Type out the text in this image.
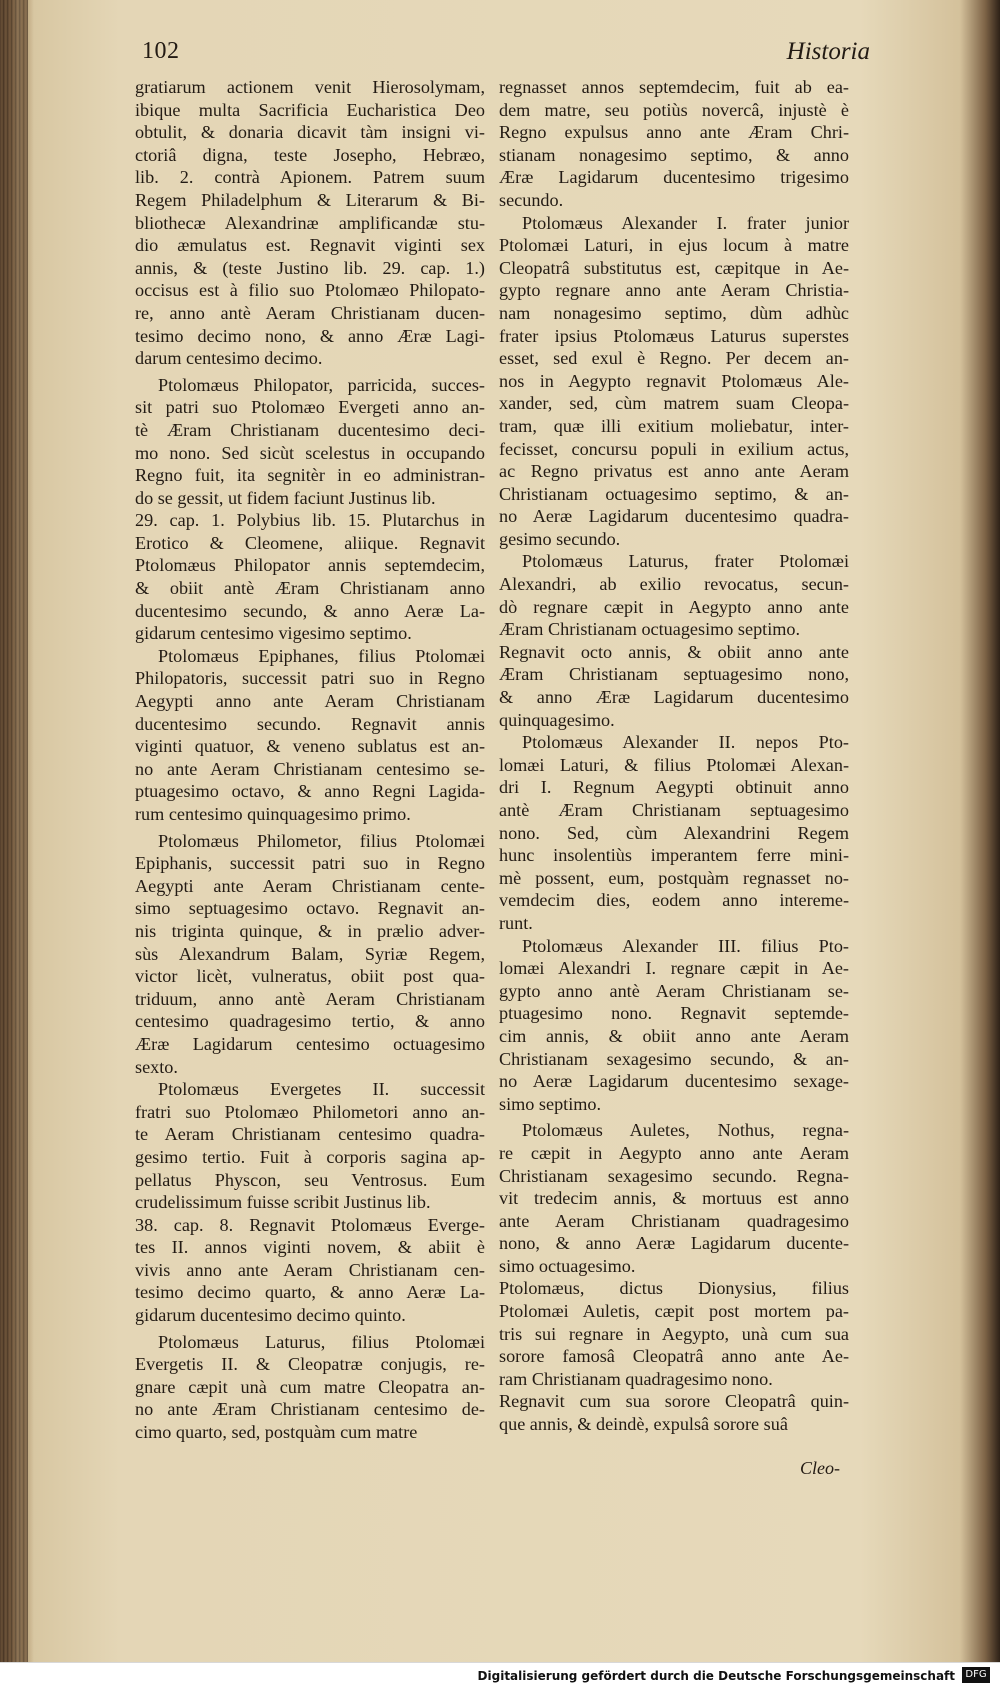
102	Historia
gratiarum actionem venit Hierosolymam,
ibique multa Sacrificia Eucharistica Deo
obtulit, & donaria dicavit tàm insigni vi-
ctoriâ digna, teste Josepho, Hebræo,
lib. 2. contrà Apionem. Patrem suum
Regem Philadelphum & Literarum & Bi-
bliothecæ Alexandrinæ amplificandæ stu-
dio æmulatus est. Regnavit viginti sex
annis, & (teste Justino lib. 29. cap. 1.)
occisus est à filio suo Ptolomæo Philopato-
re, anno antè Aeram Christianam ducen-
tesimo decimo nono, & anno Æræ Lagi-
darum centesimo decimo.
Ptolomæus Philopator, parricida, succes-
sit patri suo Ptolomæo Evergeti anno an-
tè Æram Christianam ducentesimo deci-
mo nono. Sed sicùt scelestus in occupando
Regno fuit, ita segnitèr in eo administran-
do se gessit, ut fidem faciunt Justinus lib.
29. cap. 1. Polybius lib. 15. Plutarchus in
Erotico & Cleomene, aliique. Regnavit
Ptolomæus Philopator annis septemdecim,
& obiit antè Æram Christianam anno
ducentesimo secundo, & anno Aeræ La-
gidarum centesimo vigesimo septimo.
Ptolomæus Epiphanes, filius Ptolomæi
Philopatoris, successit patri suo in Regno
Aegypti anno ante Aeram Christianam
ducentesimo secundo. Regnavit annis
viginti quatuor, & veneno sublatus est an-
no ante Aeram Christianam centesimo se-
ptuagesimo octavo, & anno Regni Lagida-
rum centesimo quinquagesimo primo.
Ptolomæus Philometor, filius Ptolomæi
Epiphanis, successit patri suo in Regno
Aegypti ante Aeram Christianam cente-
simo septuagesimo octavo. Regnavit an-
nis triginta quinque, & in prælio adver-
sùs Alexandrum Balam, Syriæ Regem,
victor licèt, vulneratus, obiit post qua-
triduum, anno antè Aeram Christianam
centesimo quadragesimo tertio, & anno
Æræ Lagidarum centesimo octuagesimo
sexto.
Ptolomæus Evergetes II. successit
fratri suo Ptolomæo Philometori anno an-
te Aeram Christianam centesimo quadra-
gesimo tertio. Fuit à corporis sagina ap-
pellatus Physcon, seu Ventrosus. Eum
crudelissimum fuisse scribit Justinus lib.
38. cap. 8. Regnavit Ptolomæus Everge-
tes II. annos viginti novem, & abiit è
vivis anno ante Aeram Christianam cen-
tesimo decimo quarto, & anno Aeræ La-
gidarum ducentesimo decimo quinto.
Ptolomæus Laturus, filius Ptolomæi
Evergetis II. & Cleopatræ conjugis, re-
gnare cæpit unà cum matre Cleopatra an-
no ante Æram Christianam centesimo de-
cimo quarto, sed, postquàm cum matre
regnasset annos septemdecim, fuit ab ea-
dem matre, seu potiùs novercâ, injustè è
Regno expulsus anno ante Æram Chri-
stianam nonagesimo septimo, & anno
Æræ Lagidarum ducentesimo trigesimo
secundo.
Ptolomæus Alexander I. frater junior
Ptolomæi Laturi, in ejus locum à matre
Cleopatrâ substitutus est, cæpitque in Ae-
gypto regnare anno ante Aeram Christia-
nam nonagesimo septimo, dùm adhùc
frater ipsius Ptolomæus Laturus superstes
esset, sed exul è Regno. Per decem an-
nos in Aegypto regnavit Ptolomæus Ale-
xander, sed, cùm matrem suam Cleopa-
tram, quæ illi exitium moliebatur, inter-
fecisset, concursu populi in exilium actus,
ac Regno privatus est anno ante Aeram
Christianam octuagesimo septimo, & an-
no Aeræ Lagidarum ducentesimo quadra-
gesimo secundo.
Ptolomæus Laturus, frater Ptolomæi
Alexandri, ab exilio revocatus, secun-
dò regnare cæpit in Aegypto anno ante
Æram Christianam octuagesimo septimo.
Regnavit octo annis, & obiit anno ante
Æram Christianam septuagesimo nono,
& anno Æræ Lagidarum ducentesimo
quinquagesimo.
Ptolomæus Alexander II. nepos Pto-
lomæi Laturi, & filius Ptolomæi Alexan-
dri I. Regnum Aegypti obtinuit anno
antè Æram Christianam septuagesimo
nono. Sed, cùm Alexandrini Regem
hunc insolentiùs imperantem ferre mini-
mè possent, eum, postquàm regnasset no-
vemdecim dies, eodem anno intereme-
runt.
Ptolomæus Alexander III. filius Pto-
lomæi Alexandri I. regnare cæpit in Ae-
gypto anno antè Aeram Christianam se-
ptuagesimo nono. Regnavit septemde-
cim annis, & obiit anno ante Aeram
Christianam sexagesimo secundo, & an-
no Aeræ Lagidarum ducentesimo sexage-
simo septimo.
Ptolomæus Auletes, Nothus, regna-
re cæpit in Aegypto anno ante Aeram
Christianam sexagesimo secundo. Regna-
vit tredecim annis, & mortuus est anno
ante Aeram Christianam quadragesimo
nono, & anno Aeræ Lagidarum ducente-
simo octuagesimo.
Ptolomæus, dictus Dionysius, filius
Ptolomæi Auletis, cæpit post mortem pa-
tris sui regnare in Aegypto, unà cum sua
sorore famosâ Cleopatrâ anno ante Ae-
ram Christianam quadragesimo nono.
Regnavit cum sua sorore Cleopatrâ quin-
que annis, & deindè, expulsâ sorore suâ
Cleo-
Digitalisierung gefördert durch die Deutsche Forschungsgemeinschaft	DFG
